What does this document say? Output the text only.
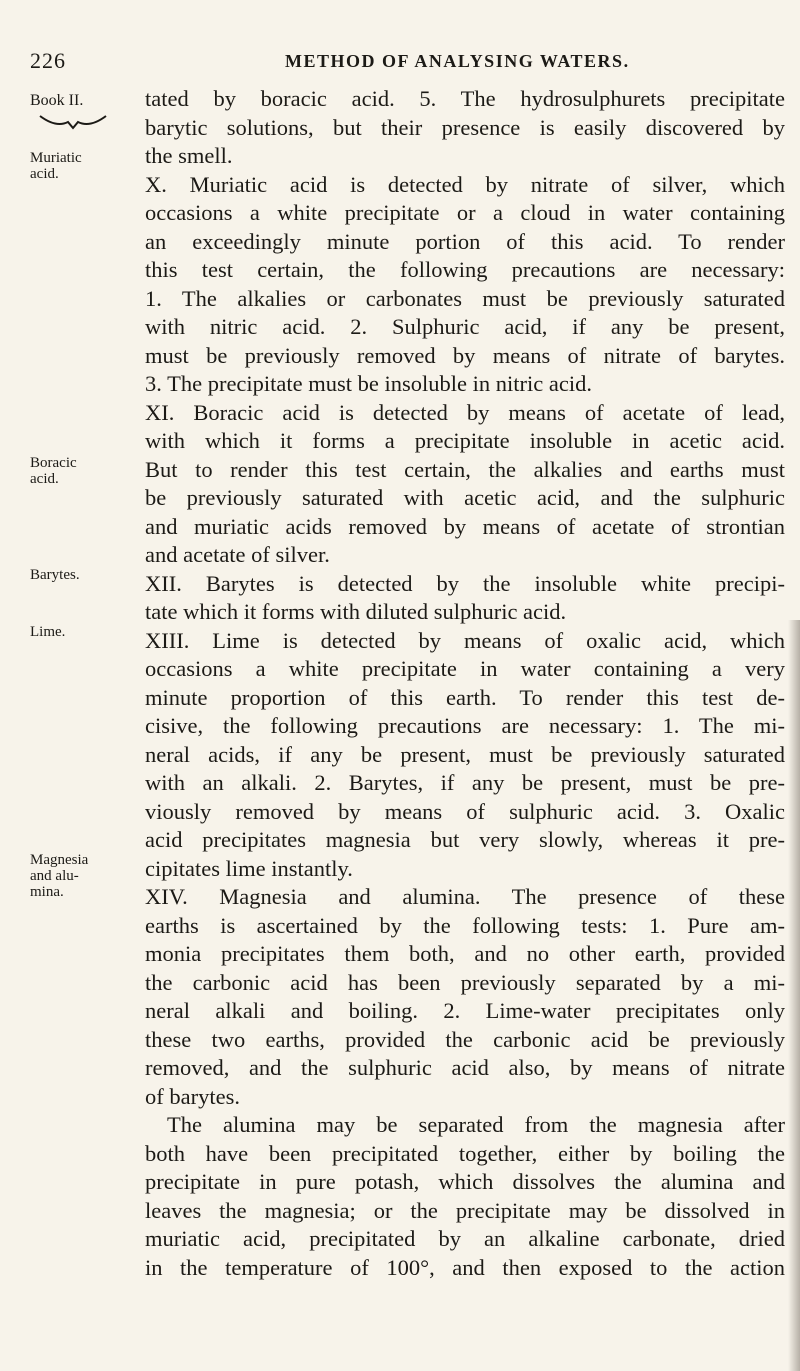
226	METHOD OF ANALYSING WATERS.
Book II.
Muriatic
acid.
Boracic
acid.
Barytes.
Lime.
Magnesia
and alu-
mina.
tated by boracic acid. 5. The hydrosulphurets precipitate
barytic solutions, but their presence is easily discovered by
the smell.
X. Muriatic acid is detected by nitrate of silver, which
occasions a white precipitate or a cloud in water containing
an exceedingly minute portion of this acid. To render
this test certain, the following precautions are necessary:
1. The alkalies or carbonates must be previously saturated
with nitric acid. 2. Sulphuric acid, if any be present,
must be previously removed by means of nitrate of barytes.
3. The precipitate must be insoluble in nitric acid.
XI. Boracic acid is detected by means of acetate of lead,
with which it forms a precipitate insoluble in acetic acid.
But to render this test certain, the alkalies and earths must
be previously saturated with acetic acid, and the sulphuric
and muriatic acids removed by means of acetate of strontian
and acetate of silver.
XII. Barytes is detected by the insoluble white precipi-
tate which it forms with diluted sulphuric acid.
XIII. Lime is detected by means of oxalic acid, which
occasions a white precipitate in water containing a very
minute proportion of this earth. To render this test de-
cisive, the following precautions are necessary: 1. The mi-
neral acids, if any be present, must be previously saturated
with an alkali. 2. Barytes, if any be present, must be pre-
viously removed by means of sulphuric acid. 3. Oxalic
acid precipitates magnesia but very slowly, whereas it pre-
cipitates lime instantly.
XIV. Magnesia and alumina. The presence of these
earths is ascertained by the following tests: 1. Pure am-
monia precipitates them both, and no other earth, provided
the carbonic acid has been previously separated by a mi-
neral alkali and boiling. 2. Lime-water precipitates only
these two earths, provided the carbonic acid be previously
removed, and the sulphuric acid also, by means of nitrate
of barytes.
The alumina may be separated from the magnesia after
both have been precipitated together, either by boiling the
precipitate in pure potash, which dissolves the alumina and
leaves the magnesia; or the precipitate may be dissolved in
muriatic acid, precipitated by an alkaline carbonate, dried
in the temperature of 100°, and then exposed to the action
